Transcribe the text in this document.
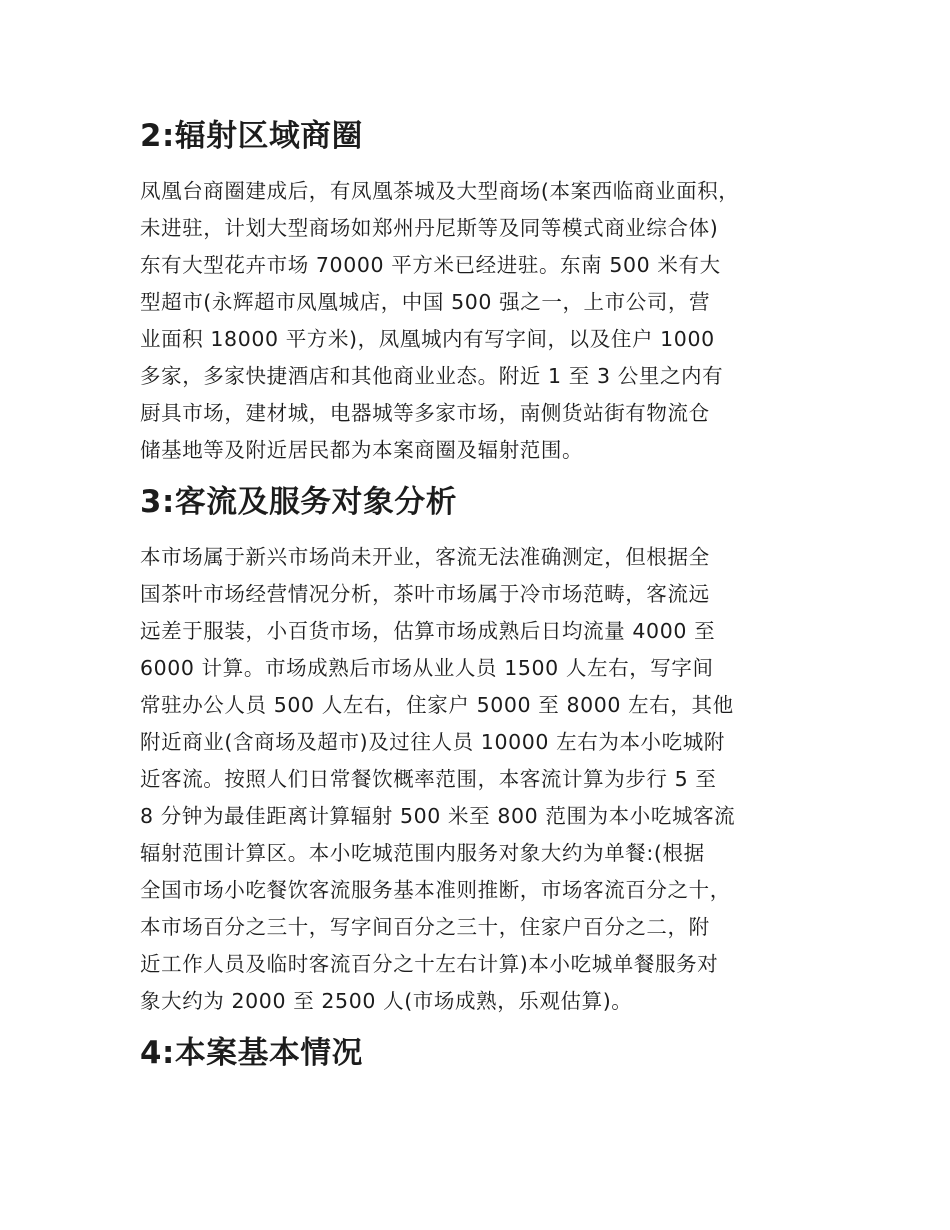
2:辐射区域商圈

凤凰台商圈建成后，有凤凰茶城及大型商场(本案西临商业面积，
未进驻，计划大型商场如郑州丹尼斯等及同等模式商业综合体)
东有大型花卉市场 70000 平方米已经进驻。东南 500 米有大
型超市(永辉超市凤凰城店，中国 500 强之一，上市公司，营
业面积 18000 平方米)，凤凰城内有写字间，以及住户 1000
多家，多家快捷酒店和其他商业业态。附近 1 至 3 公里之内有
厨具市场，建材城，电器城等多家市场，南侧货站街有物流仓
储基地等及附近居民都为本案商圈及辐射范围。

3:客流及服务对象分析

本市场属于新兴市场尚未开业，客流无法准确测定，但根据全
国茶叶市场经营情况分析，茶叶市场属于冷市场范畴，客流远
远差于服装，小百货市场，估算市场成熟后日均流量 4000 至
6000 计算。市场成熟后市场从业人员 1500 人左右，写字间
常驻办公人员 500 人左右，住家户 5000 至 8000 左右，其他
附近商业(含商场及超市)及过往人员 10000 左右为本小吃城附
近客流。按照人们日常餐饮概率范围，本客流计算为步行 5 至
8 分钟为最佳距离计算辐射 500 米至 800 范围为本小吃城客流
辐射范围计算区。本小吃城范围内服务对象大约为单餐:(根据
全国市场小吃餐饮客流服务基本准则推断，市场客流百分之十，
本市场百分之三十，写字间百分之三十，住家户百分之二，附
近工作人员及临时客流百分之十左右计算)本小吃城单餐服务对
象大约为 2000 至 2500 人(市场成熟，乐观估算)。

4:本案基本情况
